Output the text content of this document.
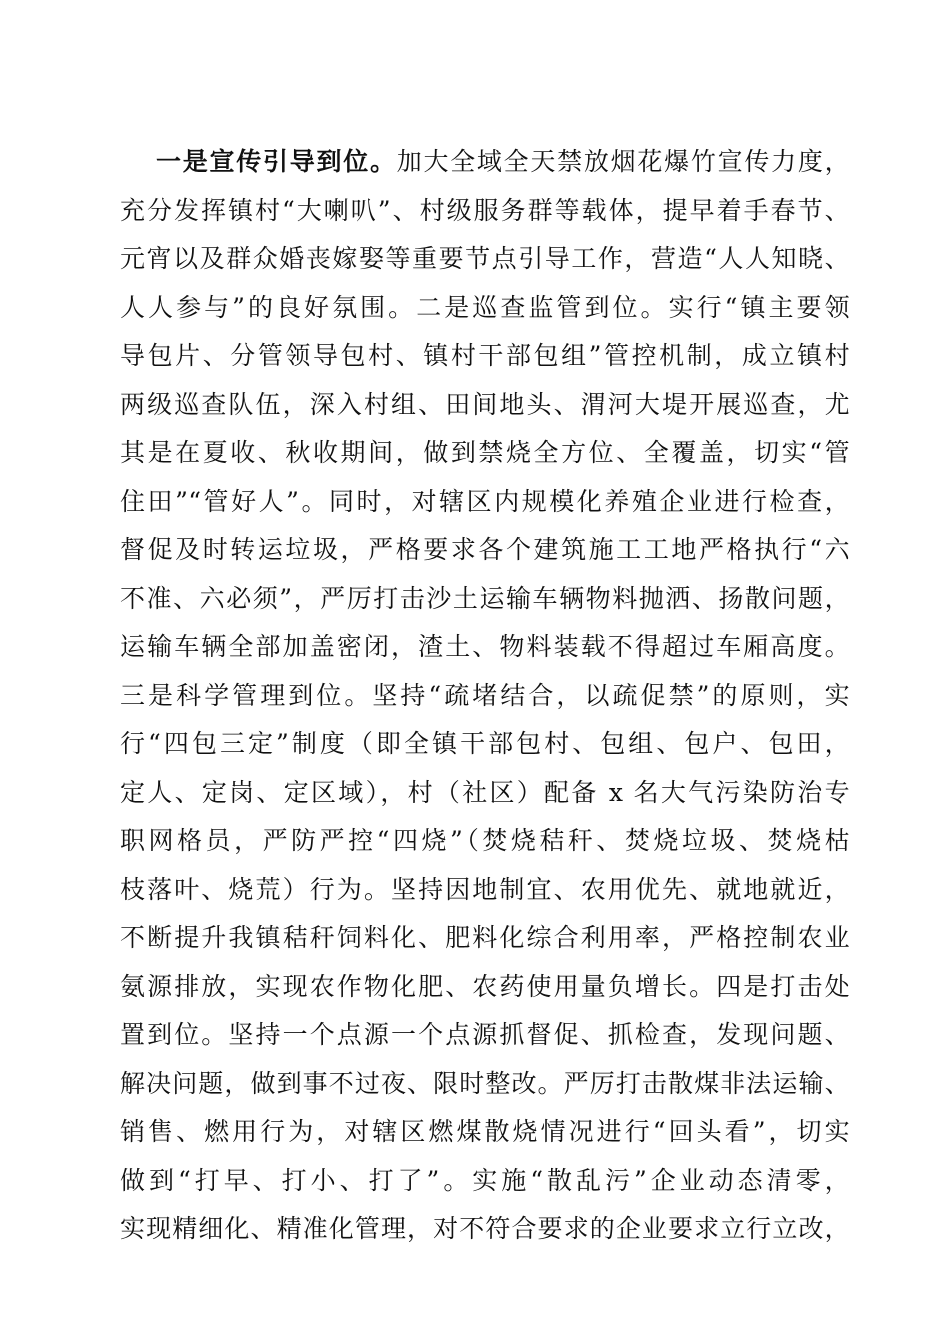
一是宣传引导到位。加大全域全天禁放烟花爆竹宣传力度，
充分发挥镇村“大喇叭”、村级服务群等载体，提早着手春节、
元宵以及群众婚丧嫁娶等重要节点引导工作，营造“人人知晓、
人人参与”的良好氛围。二是巡查监管到位。实行“镇主要领
导包片、分管领导包村、镇村干部包组”管控机制，成立镇村
两级巡查队伍，深入村组、田间地头、渭河大堤开展巡查，尤
其是在夏收、秋收期间，做到禁烧全方位、全覆盖，切实“管
住田”“管好人”。同时，对辖区内规模化养殖企业进行检查，
督促及时转运垃圾，严格要求各个建筑施工工地严格执行“六
不准、六必须”，严厉打击沙土运输车辆物料抛洒、扬散问题，
运输车辆全部加盖密闭，渣土、物料装载不得超过车厢高度。
三是科学管理到位。坚持“疏堵结合，以疏促禁”的原则，实
行“四包三定”制度（即全镇干部包村、包组、包户、包田，
定人、定岗、定区域），村（社区）配备 x 名大气污染防治专
职网格员，严防严控“四烧”（焚烧秸秆、焚烧垃圾、焚烧枯
枝落叶、烧荒）行为。坚持因地制宜、农用优先、就地就近，
不断提升我镇秸秆饲料化、肥料化综合利用率，严格控制农业
氨源排放，实现农作物化肥、农药使用量负增长。四是打击处
置到位。坚持一个点源一个点源抓督促、抓检查，发现问题、
解决问题，做到事不过夜、限时整改。严厉打击散煤非法运输、
销售、燃用行为，对辖区燃煤散烧情况进行“回头看”，切实
做到“打早、打小、打了”。实施“散乱污”企业动态清零，
实现精细化、精准化管理，对不符合要求的企业要求立行立改，
